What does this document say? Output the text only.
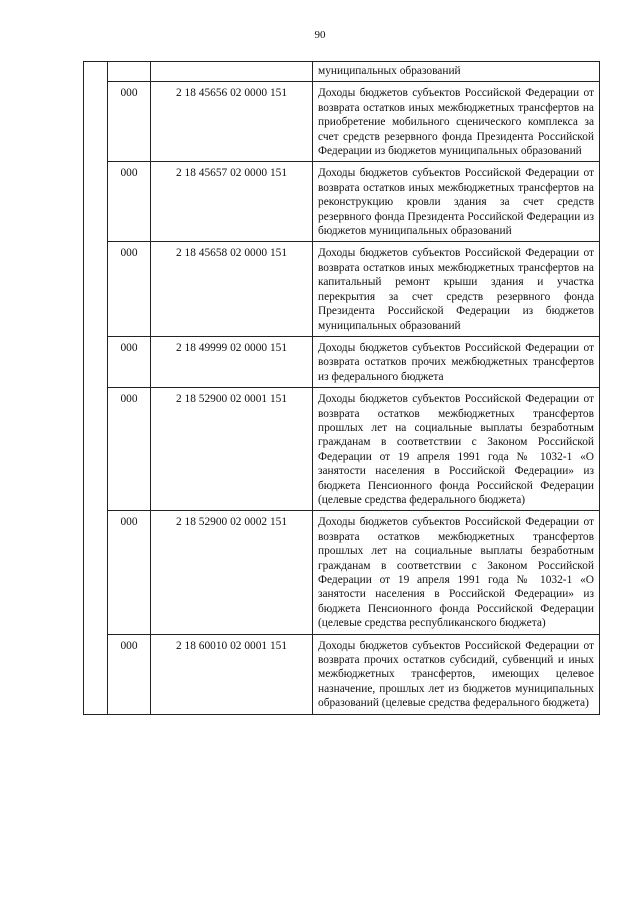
90
			муниципальных образований
	000	2 18 45656 02 0000 151	Доходы бюджетов субъектов Российской Федерации от возврата остатков иных межбюджетных трансфертов на приобретение мобильного сценического комплекса за счет средств резервного фонда Президента Российской Федерации из бюджетов муниципальных образований
	000	2 18 45657 02 0000 151	Доходы бюджетов субъектов Российской Федерации от возврата остатков иных межбюджетных трансфертов на реконструкцию кровли здания за счет средств резервного фонда Президента Российской Федерации из бюджетов муниципальных образований
	000	2 18 45658 02 0000 151	Доходы бюджетов субъектов Российской Федерации от возврата остатков иных межбюджетных трансфертов на капитальный ремонт крыши здания и участка перекрытия за счет средств резервного фонда Президента Российской Федерации из бюджетов муниципальных образований
	000	2 18 49999 02 0000 151	Доходы бюджетов субъектов Российской Федерации от возврата остатков прочих межбюджетных трансфертов из федерального бюджета
	000	2 18 52900 02 0001 151	Доходы бюджетов субъектов Российской Федерации от возврата остатков межбюджетных трансфертов прошлых лет на социальные выплаты безработным гражданам в соответствии с Законом Российской Федерации от 19 апреля 1991 года № 1032-1 «О занятости населения в Российской Федерации» из бюджета Пенсионного фонда Российской Федерации (целевые средства федерального бюджета)
	000	2 18 52900 02 0002 151	Доходы бюджетов субъектов Российской Федерации от возврата остатков межбюджетных трансфертов прошлых лет на социальные выплаты безработным гражданам в соответствии с Законом Российской Федерации от 19 апреля 1991 года № 1032-1 «О занятости населения в Российской Федерации» из бюджета Пенсионного фонда Российской Федерации (целевые средства республиканского бюджета)
	000	2 18 60010 02 0001 151	Доходы бюджетов субъектов Российской Федерации от возврата прочих остатков субсидий, субвенций и иных межбюджетных трансфертов, имеющих целевое назначение, прошлых лет из бюджетов муниципальных образований (целевые средства федерального бюджета)
